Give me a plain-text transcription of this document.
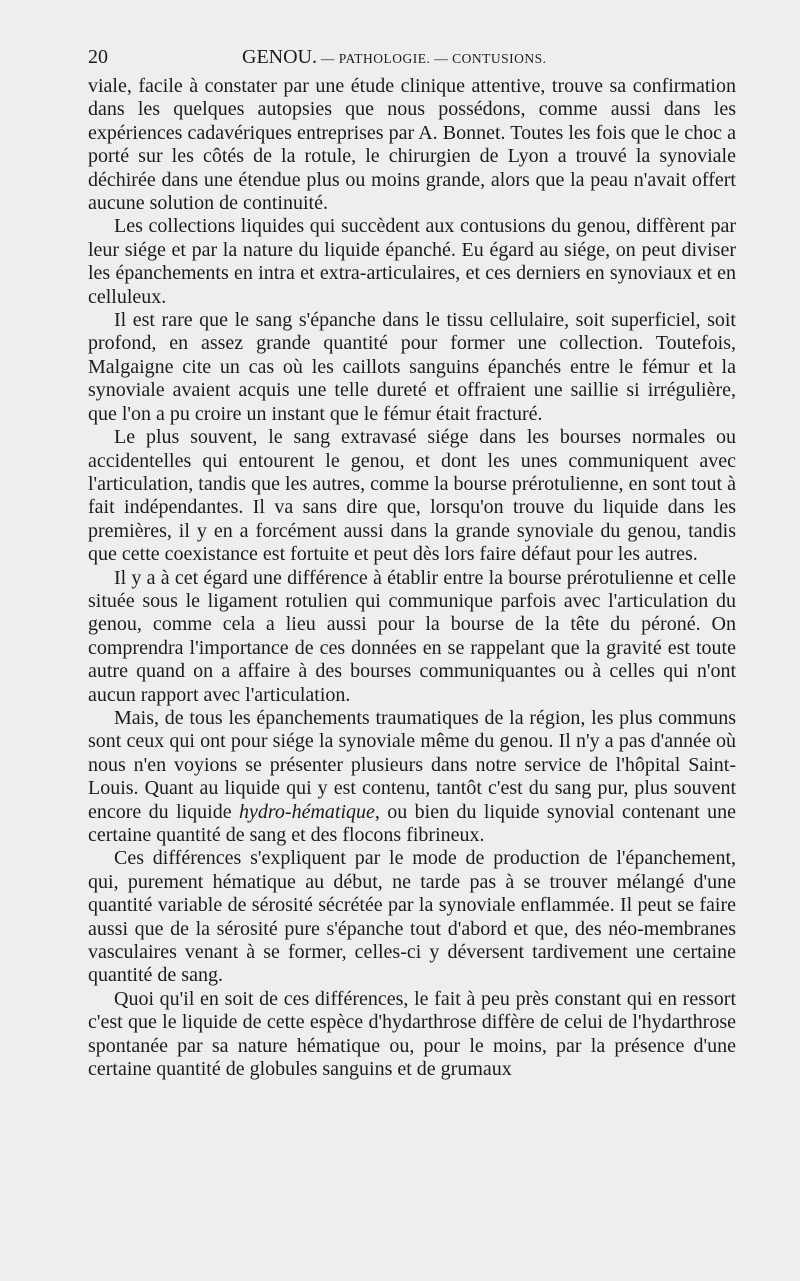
20	GENOU. — PATHOLOGIE. — CONTUSIONS.

viale, facile à constater par une étude clinique attentive, trouve sa confirmation dans les quelques autopsies que nous possédons, comme aussi dans les expériences cadavériques entreprises par A. Bonnet. Toutes les fois que le choc a porté sur les côtés de la rotule, le chirurgien de Lyon a trouvé la synoviale déchirée dans une étendue plus ou moins grande, alors que la peau n'avait offert aucune solution de continuité.

Les collections liquides qui succèdent aux contusions du genou, diffèrent par leur siége et par la nature du liquide épanché. Eu égard au siége, on peut diviser les épanchements en intra et extra-articulaires, et ces derniers en synoviaux et en celluleux.

Il est rare que le sang s'épanche dans le tissu cellulaire, soit superficiel, soit profond, en assez grande quantité pour former une collection. Toutefois, Malgaigne cite un cas où les caillots sanguins épanchés entre le fémur et la synoviale avaient acquis une telle dureté et offraient une saillie si irrégulière, que l'on a pu croire un instant que le fémur était fracturé.

Le plus souvent, le sang extravasé siége dans les bourses normales ou accidentelles qui entourent le genou, et dont les unes communiquent avec l'articulation, tandis que les autres, comme la bourse prérotulienne, en sont tout à fait indépendantes. Il va sans dire que, lorsqu'on trouve du liquide dans les premières, il y en a forcément aussi dans la grande synoviale du genou, tandis que cette coexistance est fortuite et peut dès lors faire défaut pour les autres.

Il y a à cet égard une différence à établir entre la bourse prérotulienne et celle située sous le ligament rotulien qui communique parfois avec l'articulation du genou, comme cela a lieu aussi pour la bourse de la tête du péroné. On comprendra l'importance de ces données en se rappelant que la gravité est toute autre quand on a affaire à des bourses communiquantes ou à celles qui n'ont aucun rapport avec l'articulation.

Mais, de tous les épanchements traumatiques de la région, les plus communs sont ceux qui ont pour siége la synoviale même du genou. Il n'y a pas d'année où nous n'en voyions se présenter plusieurs dans notre service de l'hôpital Saint-Louis. Quant au liquide qui y est contenu, tantôt c'est du sang pur, plus souvent encore du liquide hydro-hématique, ou bien du liquide synovial contenant une certaine quantité de sang et des flocons fibrineux.

Ces différences s'expliquent par le mode de production de l'épanchement, qui, purement hématique au début, ne tarde pas à se trouver mélangé d'une quantité variable de sérosité sécrétée par la synoviale enflammée. Il peut se faire aussi que de la sérosité pure s'épanche tout d'abord et que, des néo-membranes vasculaires venant à se former, celles-ci y déversent tardivement une certaine quantité de sang.

Quoi qu'il en soit de ces différences, le fait à peu près constant qui en ressort c'est que le liquide de cette espèce d'hydarthrose diffère de celui de l'hydarthrose spontanée par sa nature hématique ou, pour le moins, par la présence d'une certaine quantité de globules sanguins et de grumaux
